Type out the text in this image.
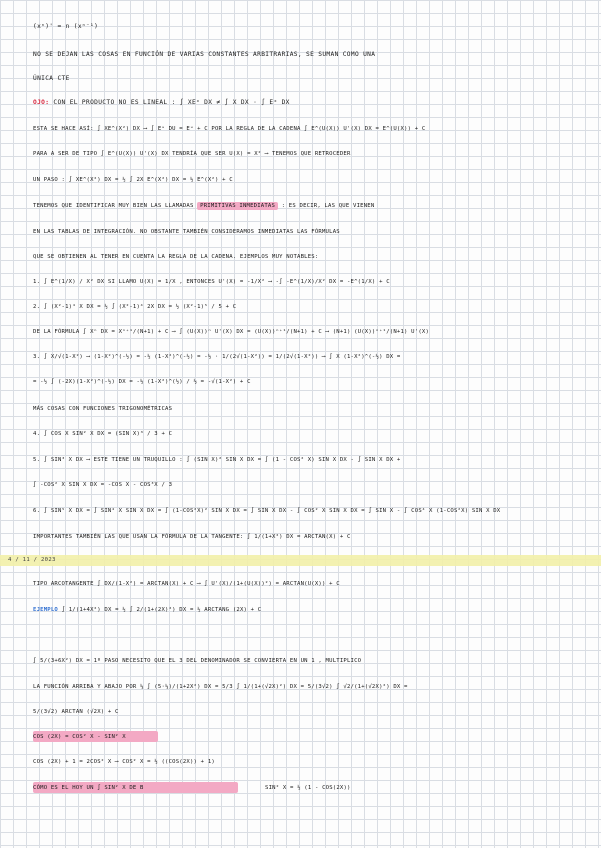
(xⁿ)' = n (xⁿ⁻¹)
NO SE DEJAN LAS COSAS EN FUNCIÓN DE VARIAS CONSTANTES ARBITRARIAS, SE SUMAN COMO UNA
ÚNICA CTE
OJO: CON EL PRODUCTO NO ES LINEAL : ∫ XEˣ DX ≠ ∫ X DX · ∫ Eˣ DX
ESTA SE HACE ASÍ: ∫ XE^(X²) DX ⟶ ∫ Eᵘ DU = Eᵘ + C POR LA REGLA DE LA CADENA ∫ E^(U(X)) U'(X) DX = E^(U(X)) + C
PARA A SER DE TIPO ∫ E^(U(X)) U'(X) DX TENDRÍA QUE SER U(X) = X² ⟶ TENEMOS QUE RETROCEDER
UN PASO : ∫ XE^(X²) DX = ½ ∫ 2X E^(X²) DX = ½ E^(X²) + C
TENEMOS QUE IDENTIFICAR MUY BIEN LAS LLAMADAS PRIMITIVAS INMEDIATAS : ES DECIR, LAS QUE VIENEN
EN LAS TABLAS DE INTEGRACIÓN. NO OBSTANTE TAMBIÉN CONSIDERAMOS INMEDIATAS LAS FÓRMULAS
QUE SE OBTIENEN AL TENER EN CUENTA LA REGLA DE LA CADENA. EJEMPLOS MUY NOTABLES:
1. ∫ E^(1/X) / X² DX SI LLAMO U(X) = 1/X , ENTONCES U'(X) = -1/X² ⟶ -∫ -E^(1/X)/X² DX = -E^(1/X) + C
2. ∫ (X²-1)⁴ X DX = ½ ∫ (X²-1)⁴ 2X DX = ½ (X²-1)⁵ / 5 + C
DE LA FÓRMULA ∫ Xⁿ DX = Xⁿ⁺¹/(N+1) + C ⟶ ∫ (U(X))ⁿ U'(X) DX = (U(X))ⁿ⁺¹/(N+1) + C ⟶ (N+1) (U(X))ⁿ⁺¹/(N+1) U'(X)
3. ∫ X/√(1-X²) ⟶ (1-X²)^(-½) = -½ (1-X²)^(-½) = -½ · 1/(2√(1-X²)) = 1/(2√(1-X²)) ⟶ ∫ X (1-X²)^(-½) DX =
= -½ ∫ (-2X)(1-X²)^(-½) DX = -½ (1-X²)^(½) / ½ = -√(1-X²) + C
MÁS COSAS CON FUNCIONES TRIGONOMÉTRICAS
4. ∫ COS X SIN² X DX = (SIN X)³ / 3 + C
5. ∫ SIN³ X DX ⟶ ESTE TIENE UN TRUQUILLO : ∫ (SIN X)² SIN X DX = ∫ (1 - COS² X) SIN X DX - ∫ SIN X DX +
∫ -COS² X SIN X DX = -COS X - COS³X / 3
6. ∫ SIN⁵ X DX = ∫ SIN⁴ X SIN X DX = ∫ (1-COS²X)² SIN X DX = ∫ SIN X DX - ∫ COS² X SIN X DX = ∫ SIN X - ∫ COS⁴ X (1-COS²X) SIN X DX
IMPORTANTES TAMBIÉN LAS QUE USAN LA FÓRMULA DE LA TANGENTE: ∫ 1/(1+X²) DX = ARCTAN(X) + C
4 / 11 / 2023
TIPO ARCOTANGENTE ∫ DX/(1-X²) = ARCTAN(X) + C ⟶ ∫ U'(X)/(1+(U(X))²) = ARCTAN(U(X)) + C
EJEMPLO ∫ 1/(1+4X²) DX = ½ ∫ 2/(1+(2X)²) DX = ½ ARCTANG (2X) + C
∫ 5/(3+6X²) DX = 1º PASO NECESITO QUE EL 3 DEL DENOMINADOR SE CONVIERTA EN UN 1 , MULTIPLICO
LA FUNCIÓN ARRIBA Y ABAJO POR ⅓ ∫ (5·⅓)/(1+2X²) DX = 5/3 ∫ 1/(1+(√2X)²) DX = 5/(3√2) ∫ √2/(1+(√2X)²) DX =
5/(3√2) ARCTAN (√2X) + C
COS (2X) = COS² X - SIN² X
COS (2X) + 1 = 2COS² X ⟶ COS² X = ½ ((COS(2X)) + 1)
CÓMO ES EL HOY UN ∫ SIN² X DE Β	SIN² X = ½ (1 - COS(2X))
